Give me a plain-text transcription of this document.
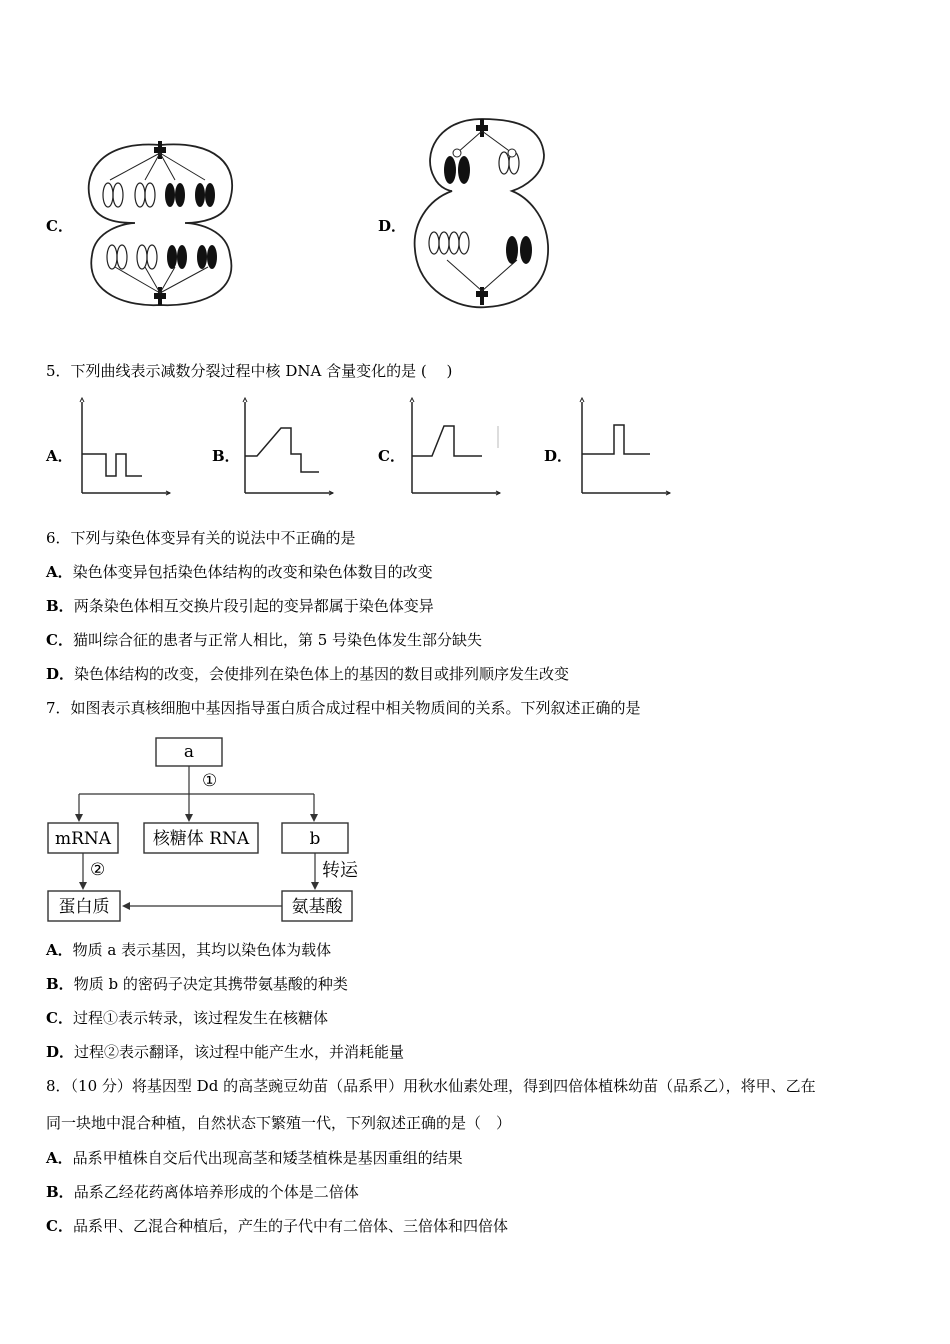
C．	D．
5．下列曲线表示减数分裂过程中核 DNA 含量变化的是 (　 )
A．	B．	C．	D．
6．下列与染色体变异有关的说法中不正确的是
A．染色体变异包括染色体结构的改变和染色体数目的改变
B．两条染色体相互交换片段引起的变异都属于染色体变异
C．猫叫综合征的患者与正常人相比，第 5 号染色体发生部分缺失
D．染色体结构的改变，会使排列在染色体上的基因的数目或排列顺序发生改变
7．如图表示真核细胞中基因指导蛋白质合成过程中相关物质间的关系。下列叙述正确的是
a
①
mRNA 核糖体 RNA	b
②	转运
蛋白质	氨基酸
A．物质 a 表示基因，其均以染色体为载体
B．物质 b 的密码子决定其携带氨基酸的种类
C．过程①表示转录，该过程发生在核糖体
D．过程②表示翻译，该过程中能产生水，并消耗能量
8．（10 分）将基因型 Dd 的高茎豌豆幼苗（品系甲）用秋水仙素处理，得到四倍体植株幼苗（品系乙），将甲、乙在
同一块地中混合种植，自然状态下繁殖一代，下列叙述正确的是（　）
A．品系甲植株自交后代出现高茎和矮茎植株是基因重组的结果
B．品系乙经花药离体培养形成的个体是二倍体
C．品系甲、乙混合种植后，产生的子代中有二倍体、三倍体和四倍体
